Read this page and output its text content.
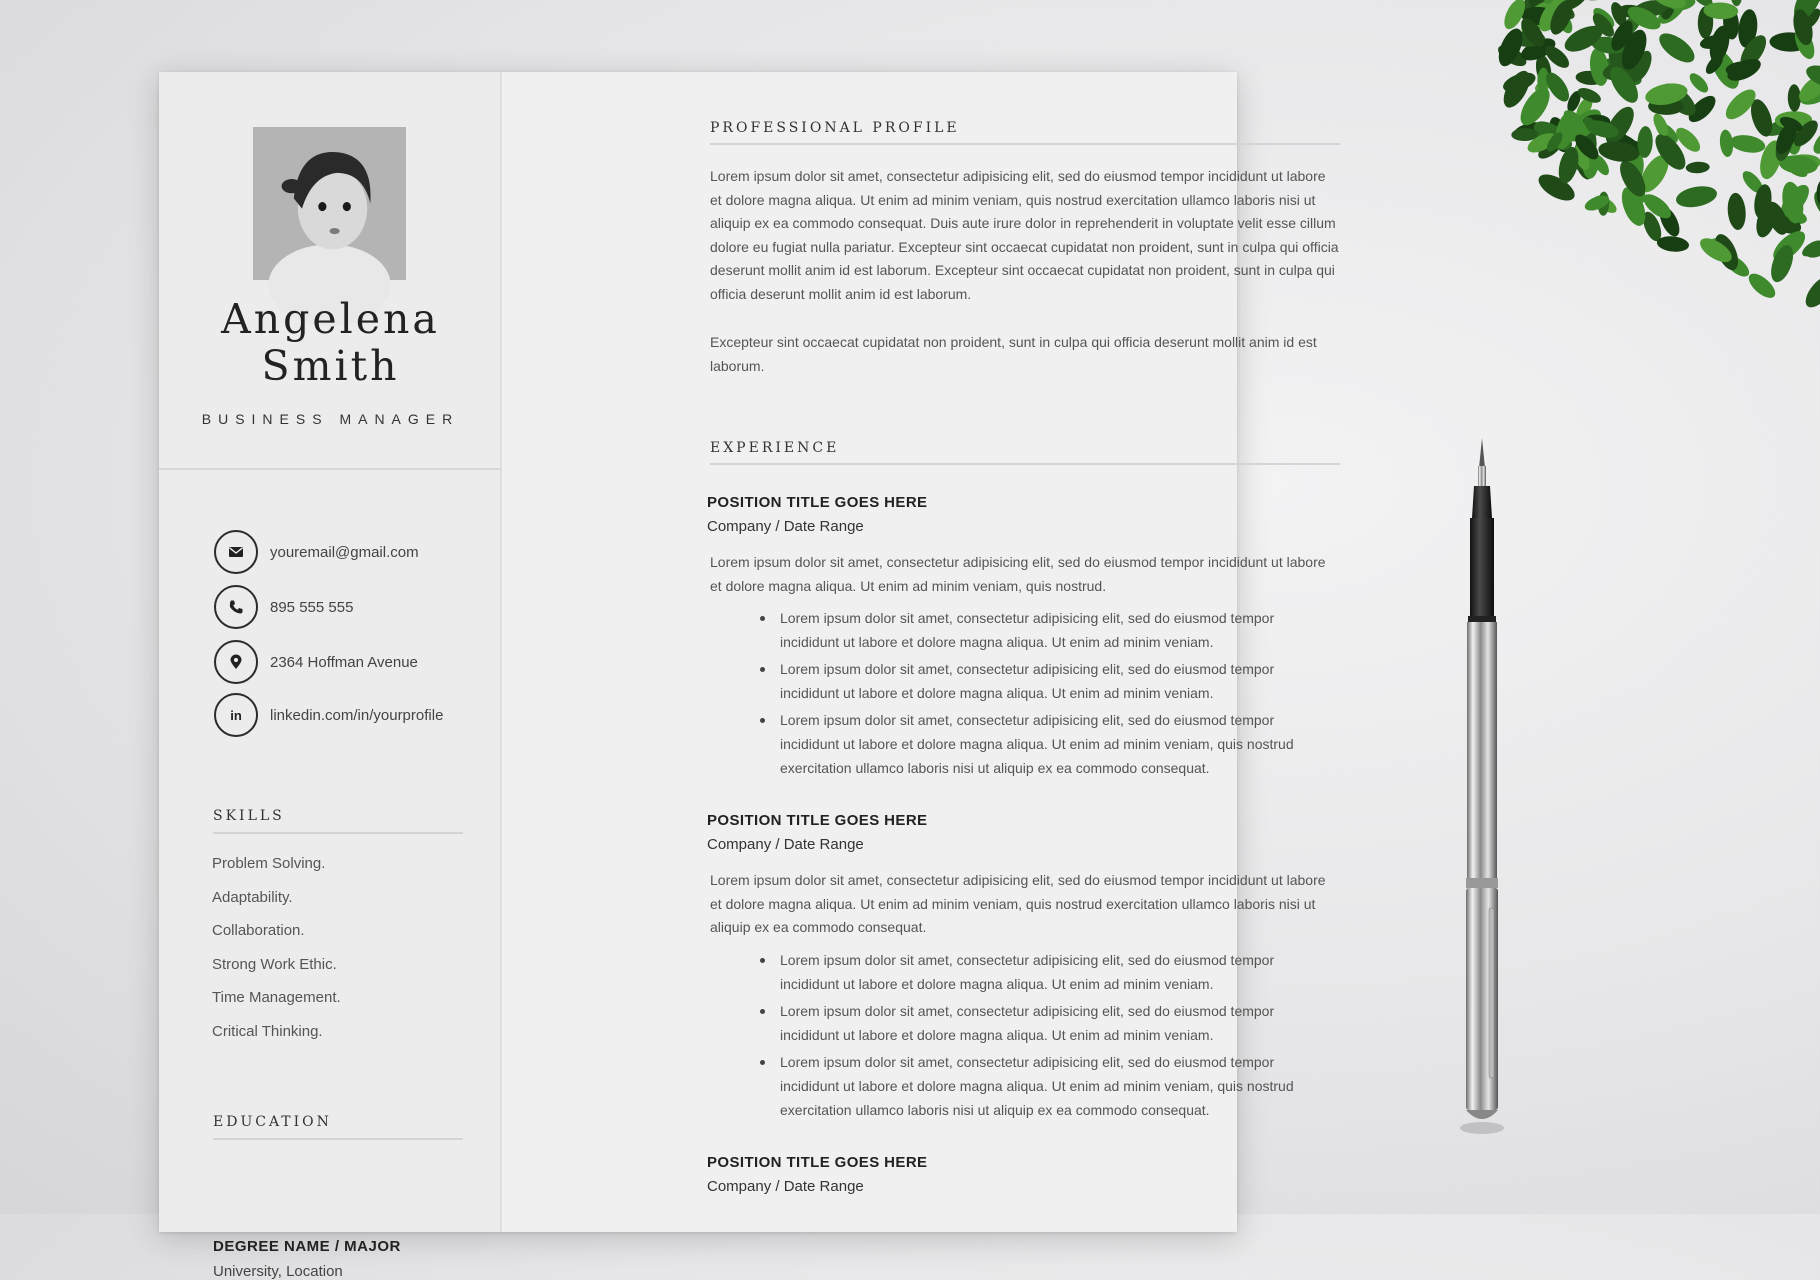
Angelena
Smith
BUSINESS MANAGER
youremail@gmail.com
895 555 555
2364 Hoffman Avenue
in linkedin.com/in/yourprofile
SKILLS
Problem Solving.
Adaptability.
Collaboration.
Strong Work Ethic.
Time Management.
Critical Thinking.
EDUCATION
DEGREE NAME / MAJOR
University, Location
PROFESSIONAL PROFILE

Lorem ipsum dolor sit amet, consectetur adipisicing elit, sed do eiusmod tempor incididunt ut labore et dolore magna aliqua. Ut enim ad minim veniam, quis nostrud exercitation ullamco laboris nisi ut aliquip ex ea commodo consequat. Duis aute irure dolor in reprehenderit in voluptate velit esse cillum dolore eu fugiat nulla pariatur. Excepteur sint occaecat cupidatat non proident, sunt in culpa qui officia deserunt mollit anim id est laborum. Excepteur sint occaecat cupidatat non proident, sunt in culpa qui officia deserunt mollit anim id est laborum.

Excepteur sint occaecat cupidatat non proident, sunt in culpa qui officia deserunt mollit anim id est laborum.

EXPERIENCE
POSITION TITLE GOES HERE
Company / Date Range

Lorem ipsum dolor sit amet, consectetur adipisicing elit, sed do eiusmod tempor incididunt ut labore et dolore magna aliqua. Ut enim ad minim veniam, quis nostrud.

Lorem ipsum dolor sit amet, consectetur adipisicing elit, sed do eiusmod tempor incididunt ut labore et dolore magna aliqua. Ut enim ad minim veniam.
Lorem ipsum dolor sit amet, consectetur adipisicing elit, sed do eiusmod tempor incididunt ut labore et dolore magna aliqua. Ut enim ad minim veniam.
Lorem ipsum dolor sit amet, consectetur adipisicing elit, sed do eiusmod tempor incididunt ut labore et dolore magna aliqua. Ut enim ad minim veniam, quis nostrud exercitation ullamco laboris nisi ut aliquip ex ea commodo consequat.
POSITION TITLE GOES HERE
Company / Date Range

Lorem ipsum dolor sit amet, consectetur adipisicing elit, sed do eiusmod tempor incididunt ut labore et dolore magna aliqua. Ut enim ad minim veniam, quis nostrud exercitation ullamco laboris nisi ut aliquip ex ea commodo consequat.

Lorem ipsum dolor sit amet, consectetur adipisicing elit, sed do eiusmod tempor incididunt ut labore et dolore magna aliqua. Ut enim ad minim veniam.
Lorem ipsum dolor sit amet, consectetur adipisicing elit, sed do eiusmod tempor incididunt ut labore et dolore magna aliqua. Ut enim ad minim veniam.
Lorem ipsum dolor sit amet, consectetur adipisicing elit, sed do eiusmod tempor incididunt ut labore et dolore magna aliqua. Ut enim ad minim veniam, quis nostrud exercitation ullamco laboris nisi ut aliquip ex ea commodo consequat.
POSITION TITLE GOES HERE
Company / Date Range
